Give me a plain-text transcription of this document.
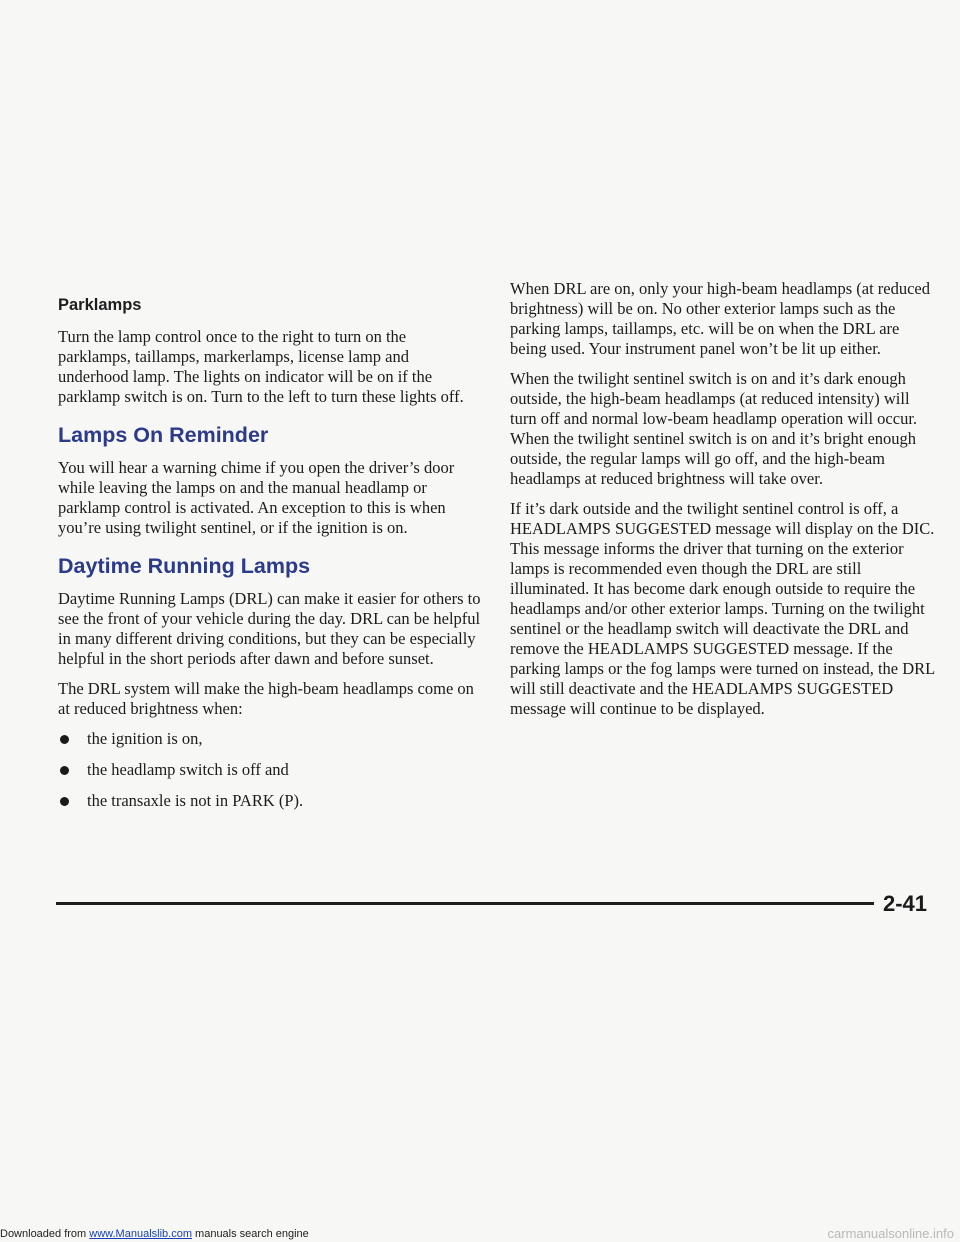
Parklamps

Turn the lamp control once to the right to turn on the parklamps, taillamps, markerlamps, license lamp and underhood lamp. The lights on indicator will be on if the parklamp switch is on. Turn to the left to turn these lights off.

Lamps On Reminder

You will hear a warning chime if you open the driver’s door while leaving the lamps on and the manual headlamp or parklamp control is activated. An exception to this is when you’re using twilight sentinel, or if the ignition is on.

Daytime Running Lamps

Daytime Running Lamps (DRL) can make it easier for others to see the front of your vehicle during the day. DRL can be helpful in many different driving conditions, but they can be especially helpful in the short periods after dawn and before sunset.

The DRL system will make the high-beam headlamps come on at reduced brightness when:

the ignition is on,
the headlamp switch is off and
the transaxle is not in PARK (P).

When DRL are on, only your high-beam headlamps (at reduced brightness) will be on. No other exterior lamps such as the parking lamps, taillamps, etc. will be on when the DRL are being used. Your instrument panel won’t be lit up either.

When the twilight sentinel switch is on and it’s dark enough outside, the high-beam headlamps (at reduced intensity) will turn off and normal low-beam headlamp operation will occur. When the twilight sentinel switch is on and it’s bright enough outside, the regular lamps will go off, and the high-beam headlamps at reduced brightness will take over.

If it’s dark outside and the twilight sentinel control is off, a HEADLAMPS SUGGESTED message will display on the DIC. This message informs the driver that turning on the exterior lamps is recommended even though the DRL are still illuminated. It has become dark enough outside to require the headlamps and/or other exterior lamps. Turning on the twilight sentinel or the headlamp switch will deactivate the DRL and remove the HEADLAMPS SUGGESTED message. If the parking lamps or the fog lamps were turned on instead, the DRL will still deactivate and the HEADLAMPS SUGGESTED message will continue to be displayed.

2-41
Downloaded from www.Manualslib.com manuals search engine	carmanualsonline.info
